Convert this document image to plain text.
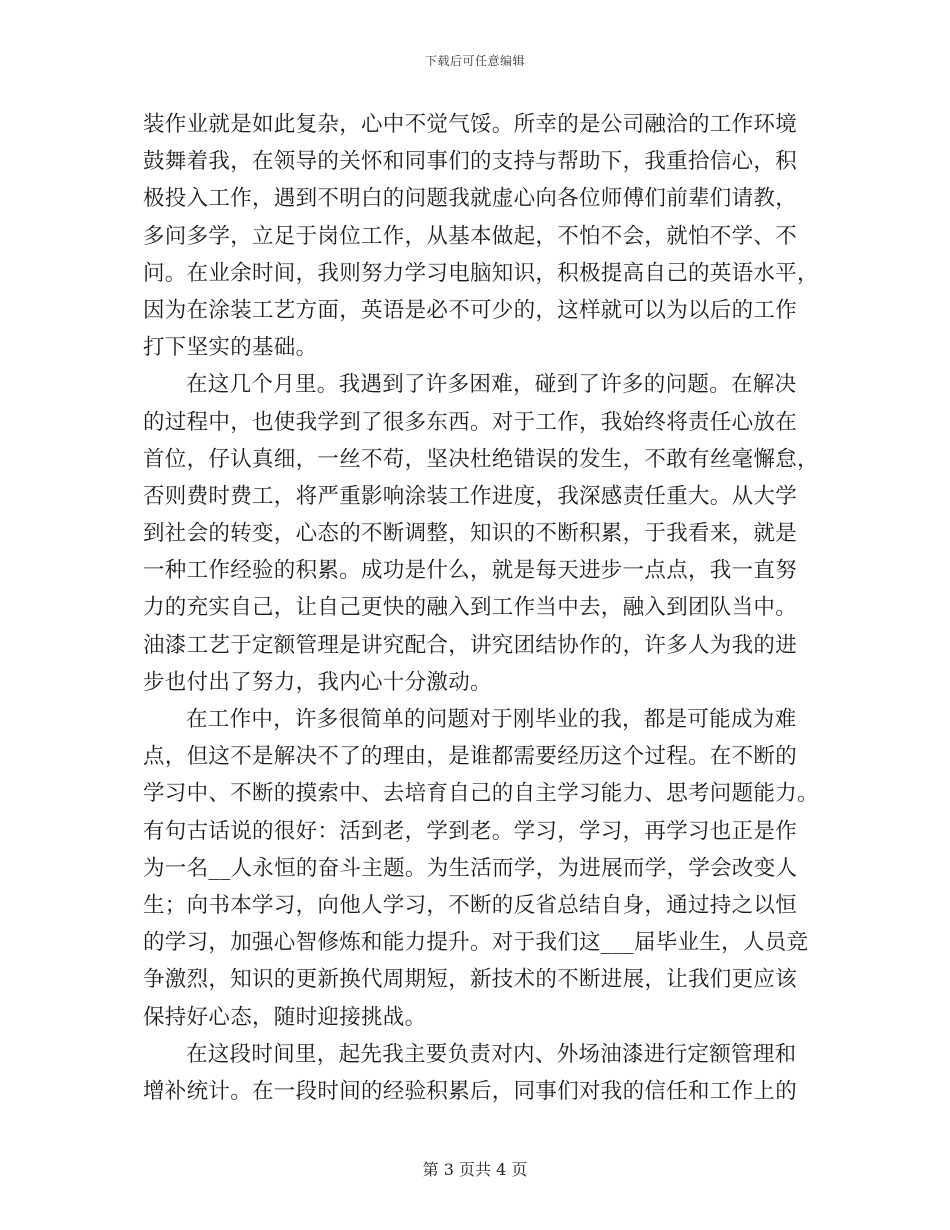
下载后可任意编辑
装作业就是如此复杂，心中不觉气馁。所幸的是公司融洽的工作环境
鼓舞着我，在领导的关怀和同事们的支持与帮助下，我重拾信心，积
极投入工作，遇到不明白的问题我就虚心向各位师傅们前辈们请教，
多问多学，立足于岗位工作，从基本做起，不怕不会，就怕不学、不
问。在业余时间，我则努力学习电脑知识，积极提高自己的英语水平，
因为在涂装工艺方面，英语是必不可少的，这样就可以为以后的工作
打下坚实的基础。
在这几个月里。我遇到了许多困难，碰到了许多的问题。在解决
的过程中，也使我学到了很多东西。对于工作，我始终将责任心放在
首位，仔认真细，一丝不苟，坚决杜绝错误的发生，不敢有丝毫懈怠，
否则费时费工，将严重影响涂装工作进度，我深感责任重大。从大学
到社会的转变，心态的不断调整，知识的不断积累，于我看来，就是
一种工作经验的积累。成功是什么，就是每天进步一点点，我一直努
力的充实自己，让自己更快的融入到工作当中去，融入到团队当中。
油漆工艺于定额管理是讲究配合，讲究团结协作的，许多人为我的进
步也付出了努力，我内心十分激动。
在工作中，许多很简单的问题对于刚毕业的我，都是可能成为难
点，但这不是解决不了的理由，是谁都需要经历这个过程。在不断的
学习中、不断的摸索中、去培育自己的自主学习能力、思考问题能力。
有句古话说的很好：活到老，学到老。学习，学习，再学习也正是作
为一名__人永恒的奋斗主题。为生活而学，为进展而学，学会改变人
生；向书本学习，向他人学习，不断的反省总结自身，通过持之以恒
的学习，加强心智修炼和能力提升。对于我们这___届毕业生，人员竞
争激烈，知识的更新换代周期短，新技术的不断进展，让我们更应该
保持好心态，随时迎接挑战。
在这段时间里，起先我主要负责对内、外场油漆进行定额管理和
增补统计。在一段时间的经验积累后，同事们对我的信任和工作上的
第 3 页共 4 页
